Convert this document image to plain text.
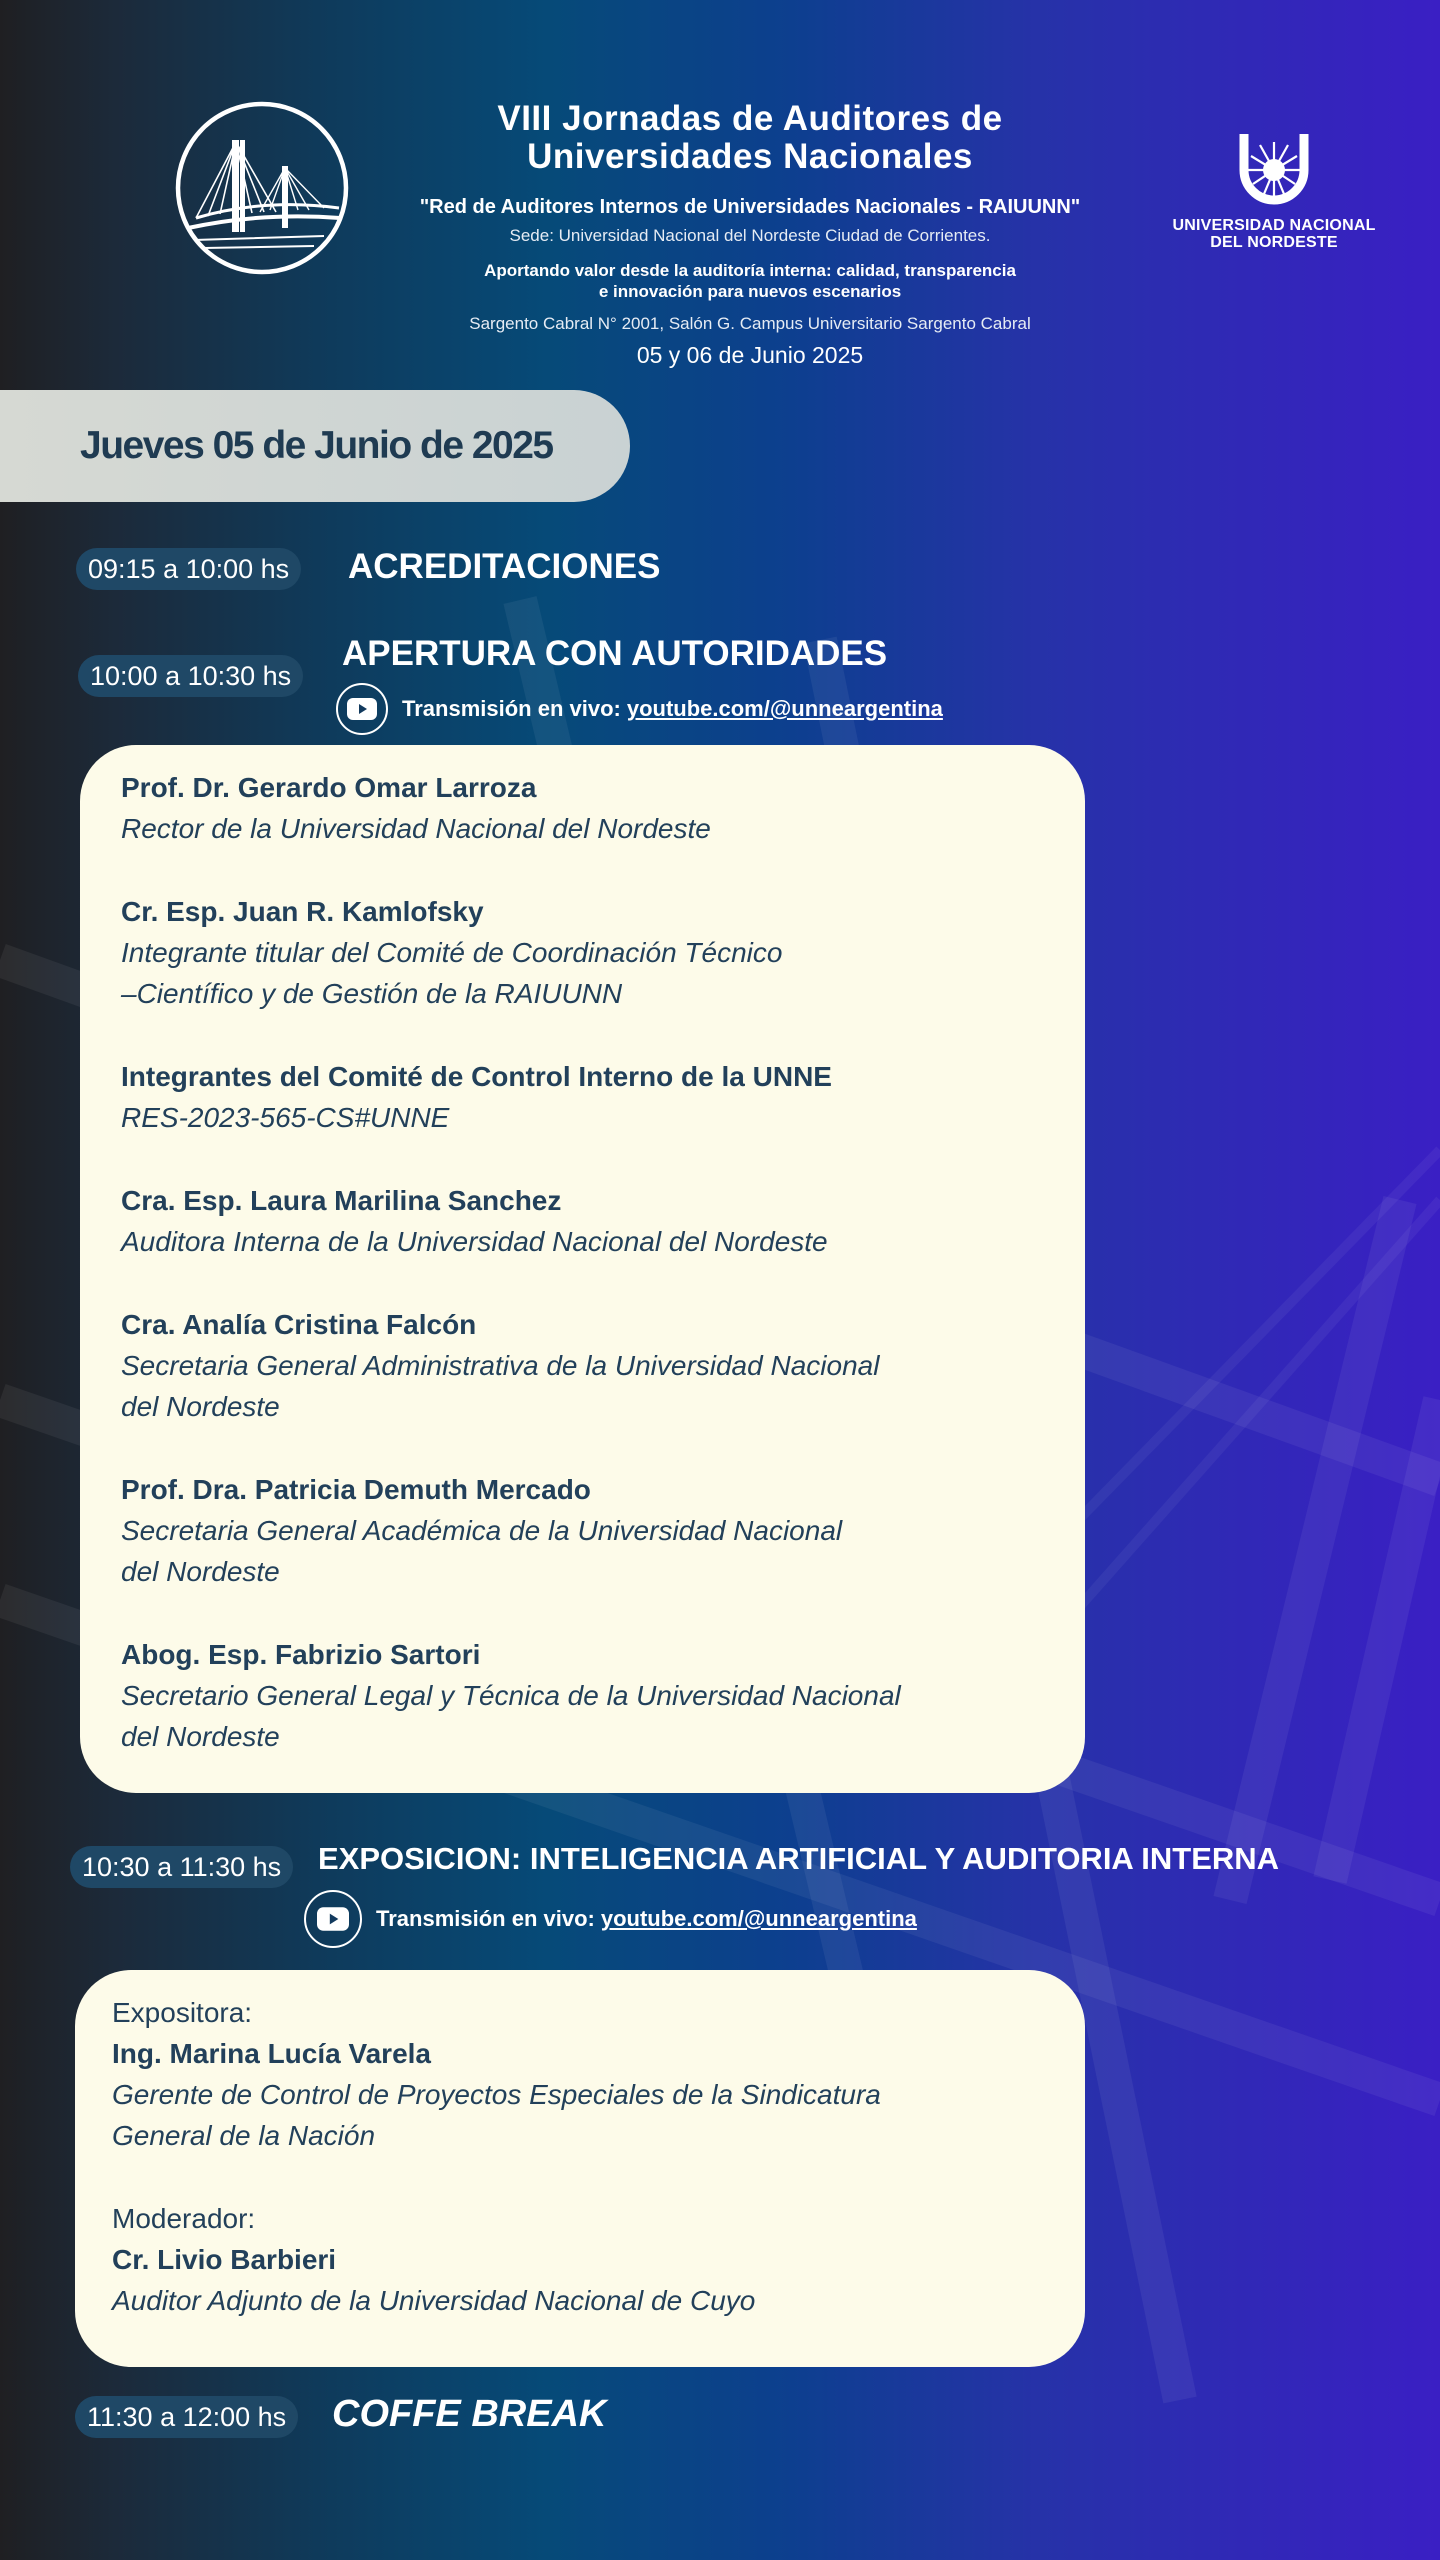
VIII Jornadas de Auditores de
Universidades Nacionales
"Red de Auditores Internos de Universidades Nacionales - RAIUUNN"
Sede: Universidad Nacional del Nordeste Ciudad de Corrientes.
Aportando valor desde la auditoría interna: calidad, transparencia
e innovación para nuevos escenarios
Sargento Cabral N° 2001, Salón G. Campus Universitario Sargento Cabral
05 y 06 de Junio 2025
UNIVERSIDAD NACIONAL
DEL NORDESTE
Jueves 05 de Junio de 2025
09:15 a 10:00 hs	ACREDITACIONES
10:00 a 10:30 hs
APERTURA CON AUTORIDADES
Transmisión en vivo: youtube.com/@unneargentina
Prof. Dr. Gerardo Omar Larroza
Rector de la Universidad Nacional del Nordeste
Cr. Esp. Juan R. Kamlofsky
Integrante titular del Comité de Coordinación Técnico
–Científico y de Gestión de la RAIUUNN
Integrantes del Comité de Control Interno de la UNNE
RES-2023-565-CS#UNNE
Cra. Esp. Laura Marilina Sanchez
Auditora Interna de la Universidad Nacional del Nordeste
Cra. Analía Cristina Falcón
Secretaria General Administrativa de la Universidad Nacional
del Nordeste
Prof. Dra. Patricia Demuth Mercado
Secretaria General Académica de la Universidad Nacional
del Nordeste
Abog. Esp. Fabrizio Sartori
Secretario General Legal y Técnica de la Universidad Nacional
del Nordeste
10:30 a 11:30 hs	EXPOSICION: INTELIGENCIA ARTIFICIAL Y AUDITORIA INTERNA
Transmisión en vivo: youtube.com/@unneargentina
Expositora:
Ing. Marina Lucía Varela
Gerente de Control de Proyectos Especiales de la Sindicatura
General de la Nación
Moderador:
Cr. Livio Barbieri
Auditor Adjunto de la Universidad Nacional de Cuyo
11:30 a 12:00 hs	COFFE BREAK
